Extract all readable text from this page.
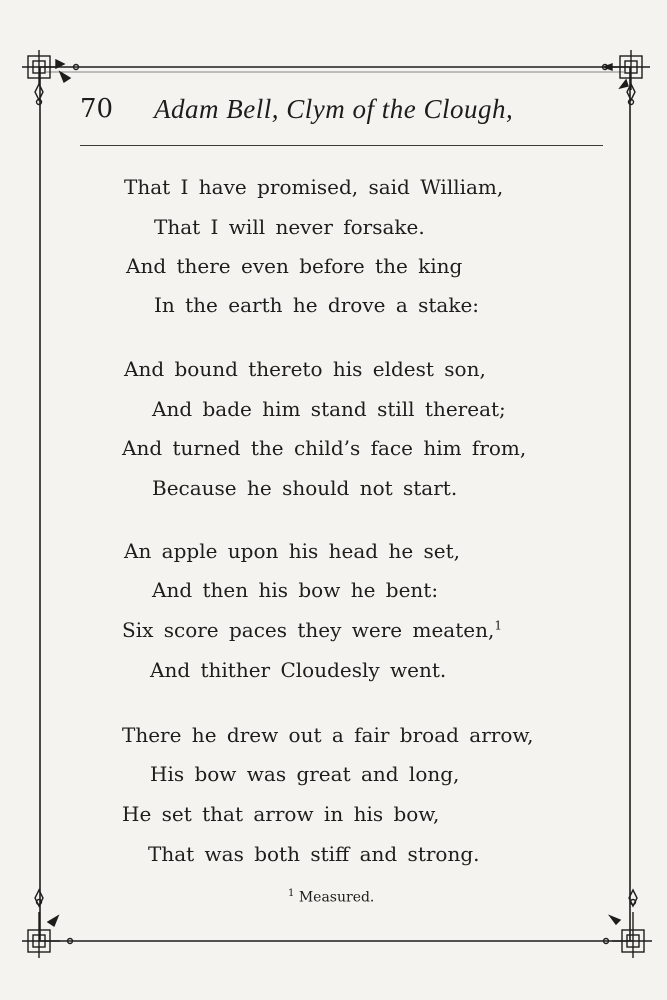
70 Adam Bell, Clym of the Clough,
That I have promised, said William,
That I will never forsake.
And there even before the king
In the earth he drove a stake:
And bound thereto his eldest son,
And bade him stand still thereat;
And turned the child’s face him from,
Because he should not start.
An apple upon his head he set,
And then his bow he bent:
Six score paces they were meaten,$^1$
And thither Cloudesly went.
There he drew out a fair broad arrow,
His bow was great and long,
He set that arrow in his bow,
That was both stiff and strong.
$^1$ Measured.
